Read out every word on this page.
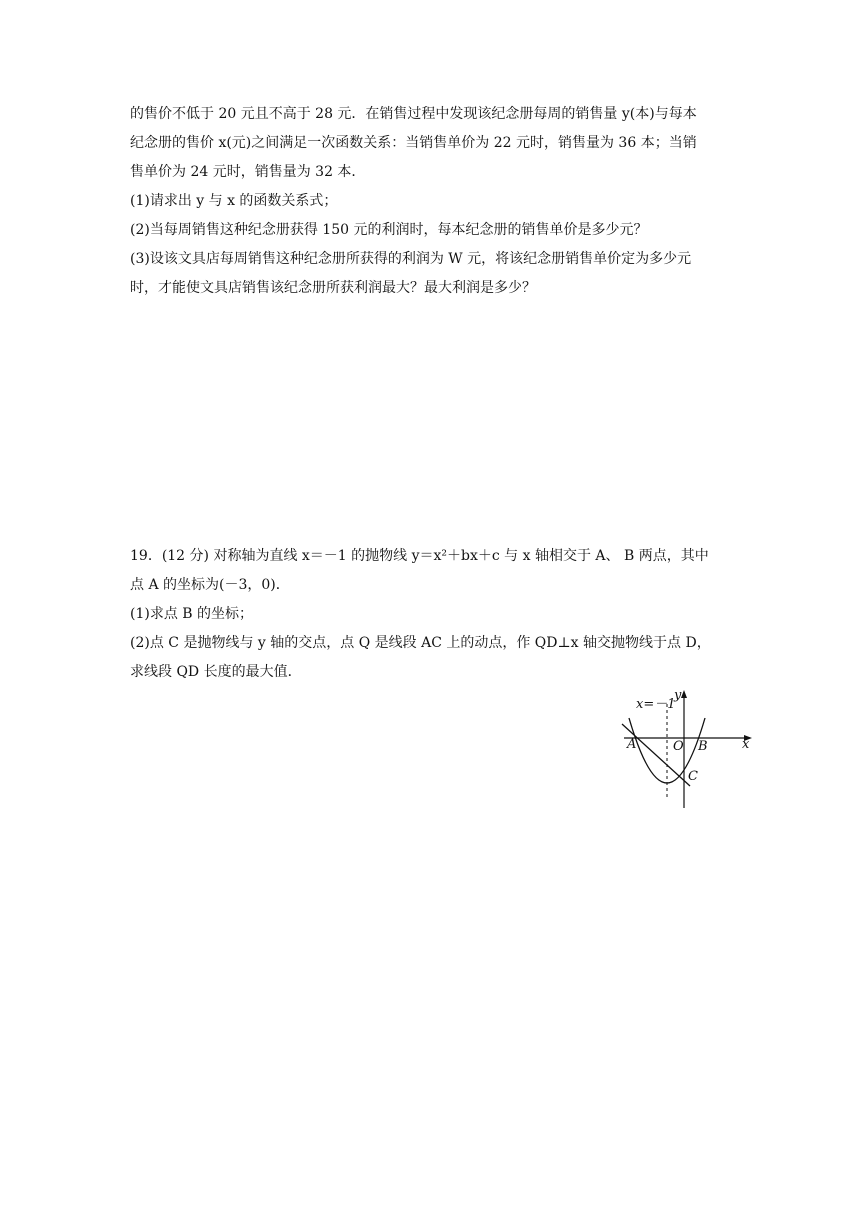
的售价不低于 20 元且不高于 28 元．在销售过程中发现该纪念册每周的销售量 y(本)与每本
纪念册的售价 x(元)之间满足一次函数关系：当销售单价为 22 元时，销售量为 36 本；当销
售单价为 24 元时，销售量为 32 本．
(1)请求出 y 与 x 的函数关系式；
(2)当每周销售这种纪念册获得 150 元的利润时，每本纪念册的销售单价是多少元？
(3)设该文具店每周销售这种纪念册所获得的利润为 W 元，将该纪念册销售单价定为多少元
时，才能使文具店销售该纪念册所获利润最大？最大利润是多少？
19．(12 分) 对称轴为直线 x＝－1 的抛物线 y＝x²＋bx＋c 与 x 轴相交于 A、 B 两点，其中
点 A 的坐标为(－3，0)．
(1)求点 B 的坐标；
(2)点 C 是抛物线与 y 轴的交点，点 Q 是线段 AC 上的动点，作 QD⊥x 轴交抛物线于点 D，
求线段 QD 长度的最大值．
x=－1
y
x
A	O B
C
